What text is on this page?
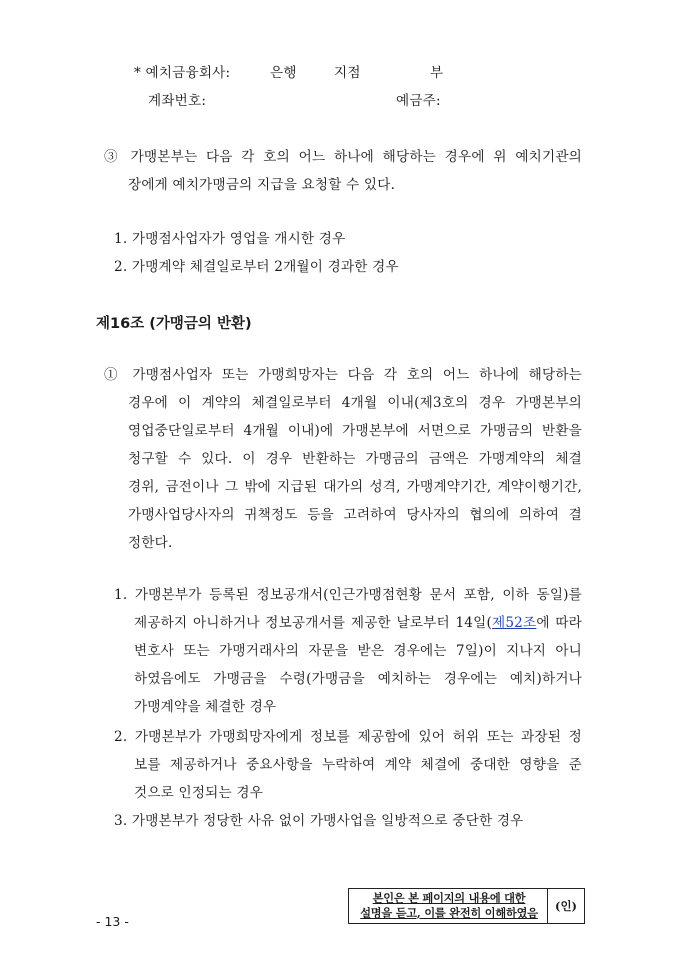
* 예치금융회사:	은행	지점	부
계좌번호:	예금주:
③ 가맹본부는 다음 각 호의 어느 하나에 해당하는 경우에 위 예치기관의
장에게 예치가맹금의 지급을 요청할 수 있다.
1. 가맹점사업자가 영업을 개시한 경우
2. 가맹계약 체결일로부터 2개월이 경과한 경우
제16조 (가맹금의 반환)
① 가맹점사업자 또는 가맹희망자는 다음 각 호의 어느 하나에 해당하는
경우에 이 계약의 체결일로부터 4개월 이내(제3호의 경우 가맹본부의
영업중단일로부터 4개월 이내)에 가맹본부에 서면으로 가맹금의 반환을
청구할 수 있다. 이 경우 반환하는 가맹금의 금액은 가맹계약의 체결
경위, 금전이나 그 밖에 지급된 대가의 성격, 가맹계약기간, 계약이행기간,
가맹사업당사자의 귀책정도 등을 고려하여 당사자의 협의에 의하여 결
정한다.
1. 가맹본부가 등록된 정보공개서(인근가맹점현황 문서 포함, 이하 동일)를
제공하지 아니하거나 정보공개서를 제공한 날로부터 14일(제52조에 따라
변호사 또는 가맹거래사의 자문을 받은 경우에는 7일)이 지나지 아니
하였음에도 가맹금을 수령(가맹금을 예치하는 경우에는 예치)하거나
가맹계약을 체결한 경우
2. 가맹본부가 가맹희망자에게 정보를 제공함에 있어 허위 또는 과장된 정
보를 제공하거나 중요사항을 누락하여 계약 체결에 중대한 영향을 준
것으로 인정되는 경우
3. 가맹본부가 정당한 사유 없이 가맹사업을 일방적으로 중단한 경우
- 13 -
본인은 본 페이지의 내용에 대한
설명을 듣고, 이를 완전히 이해하였음	(인)
